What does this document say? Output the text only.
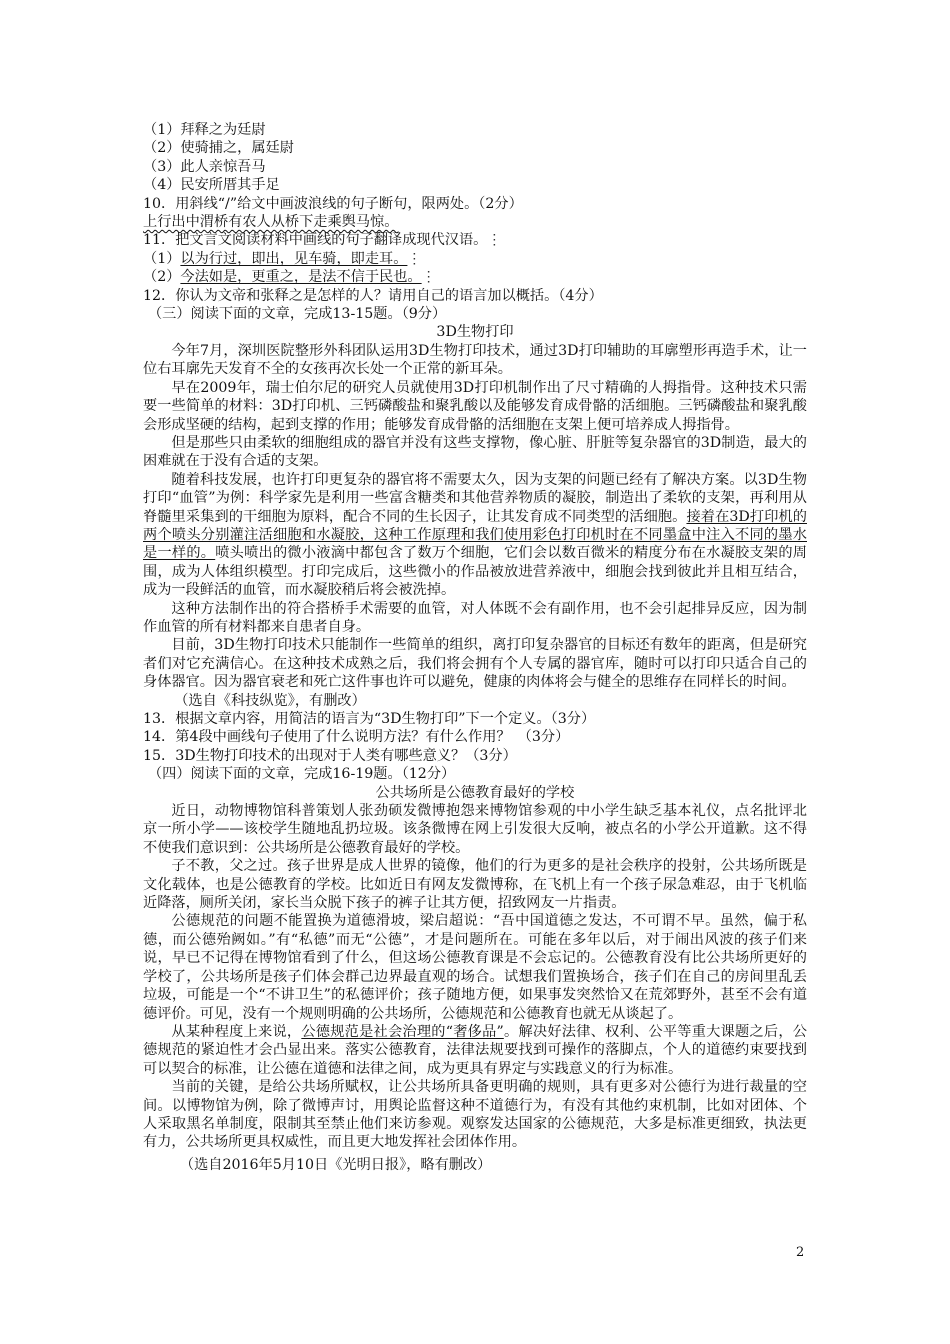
（1）拜释之为廷尉

（2）使骑捕之，属廷尉

（3）此人亲惊吾马

（4）民安所厝其手足

10．用斜线“/”给文中画波浪线的句子断句，限两处。（2分）

上行出中渭桥有农人从桥下走乘舆马惊。

11．把文言文阅读材料中画线的句子翻译成现代汉语。⋮

（1）以为行过，即出，见车骑，即走耳。⋮

（2）今法如是，更重之，是法不信于民也。⋮

12．你认为文帝和张释之是怎样的人？请用自己的语言加以概括。（4分）

（三）阅读下面的文章，完成13-15题。（9分）

3D生物打印

今年7月，深圳医院整形外科团队运用3D生物打印技术，通过3D打印辅助的耳廓塑形再造手术，让一位右耳廓先天发育不全的女孩再次长处一个正常的新耳朵。

早在2009年，瑞士伯尔尼的研究人员就使用3D打印机制作出了尺寸精确的人拇指骨。这种技术只需要一些简单的材料：3D打印机、三钙磷酸盐和聚乳酸以及能够发育成骨骼的活细胞。三钙磷酸盐和聚乳酸会形成坚硬的结构，起到支撑的作用；能够发育成骨骼的活细胞在支架上便可培养成人拇指骨。

但是那些只由柔软的细胞组成的器官并没有这些支撑物，像心脏、肝脏等复杂器官的3D制造，最大的困难就在于没有合适的支架。

随着科技发展，也许打印更复杂的器官将不需要太久，因为支架的问题已经有了解决方案。以3D生物打印“血管”为例：科学家先是利用一些富含糖类和其他营养物质的凝胶，制造出了柔软的支架，再利用从脊髓里采集到的干细胞为原料，配合不同的生长因子，让其发育成不同类型的活细胞。接着在3D打印机的两个喷头分别灌注活细胞和水凝胶，这种工作原理和我们使用彩色打印机时在不同墨盒中注入不同的墨水是一样的。喷头喷出的微小液滴中都包含了数万个细胞，它们会以数百微米的精度分布在水凝胶支架的周围，成为人体组织模型。打印完成后，这些微小的作品被放进营养液中，细胞会找到彼此并且相互结合，成为一段鲜活的血管，而水凝胶稍后将会被洗掉。

这种方法制作出的符合搭桥手术需要的血管，对人体既不会有副作用，也不会引起排异反应，因为制作血管的所有材料都来自患者自身。

目前，3D生物打印技术只能制作一些简单的组织，离打印复杂器官的目标还有数年的距离，但是研究者们对它充满信心。在这种技术成熟之后，我们将会拥有个人专属的器官库，随时可以打印只适合自己的身体器官。因为器官衰老和死亡这件事也许可以避免，健康的肉体将会与健全的思维存在同样长的时间。

（选自《科技纵览》，有删改）

13．根据文章内容，用简洁的语言为“3D生物打印”下一个定义。（3分）

14．第4段中画线句子使用了什么说明方法？有什么作用？　（3分）

15．3D生物打印技术的出现对于人类有哪些意义？（3分）

（四）阅读下面的文章，完成16-19题。（12分）

公共场所是公德教育最好的学校

近日，动物博物馆科普策划人张劲硕发微博抱怨来博物馆参观的中小学生缺乏基本礼仪，点名批评北京一所小学——该校学生随地乱扔垃圾。该条微博在网上引发很大反响，被点名的小学公开道歉。这不得不使我们意识到：公共场所是公德教育最好的学校。

子不教，父之过。孩子世界是成人世界的镜像，他们的行为更多的是社会秩序的投射，公共场所既是文化载体，也是公德教育的学校。比如近日有网友发微博称，在飞机上有一个孩子尿急难忍，由于飞机临近降落，厕所关闭，家长当众脱下孩子的裤子让其方便，招致网友一片指责。

公德规范的问题不能置换为道德滑坡，梁启超说：“吾中国道德之发达，不可谓不早。虽然，偏于私德，而公德殆阙如。”有“私德”而无“公德”，才是问题所在。可能在多年以后，对于闹出风波的孩子们来说，早已不记得在博物馆看到了什么，但这场公德教育课是不会忘记的。公德教育没有比公共场所更好的学校了，公共场所是孩子们体会群己边界最直观的场合。试想我们置换场合，孩子们在自己的房间里乱丢垃圾，可能是一个“不讲卫生”的私德评价；孩子随地方便，如果事发突然恰又在荒郊野外，甚至不会有道德评价。可见，没有一个规则明确的公共场所，公德规范和公德教育也就无从谈起了。

从某种程度上来说，公德规范是社会治理的“奢侈品”。解决好法律、权利、公平等重大课题之后，公德规范的紧迫性才会凸显出来。落实公德教育，法律法规要找到可操作的落脚点，个人的道德约束要找到可以契合的标准，让公德在道德和法律之间，成为更具有界定与实践意义的行为标准。

当前的关键，是给公共场所赋权，让公共场所具备更明确的规则，具有更多对公德行为进行裁量的空间。以博物馆为例，除了微博声讨，用舆论监督这种不道德行为，有没有其他约束机制，比如对团体、个人采取黑名单制度，限制其至禁止他们来访参观。观察发达国家的公德规范，大多是标准更细致，执法更有力，公共场所更具权威性，而且更大地发挥社会团体作用。

（选自2016年5月10日《光明日报》，略有删改）

2
